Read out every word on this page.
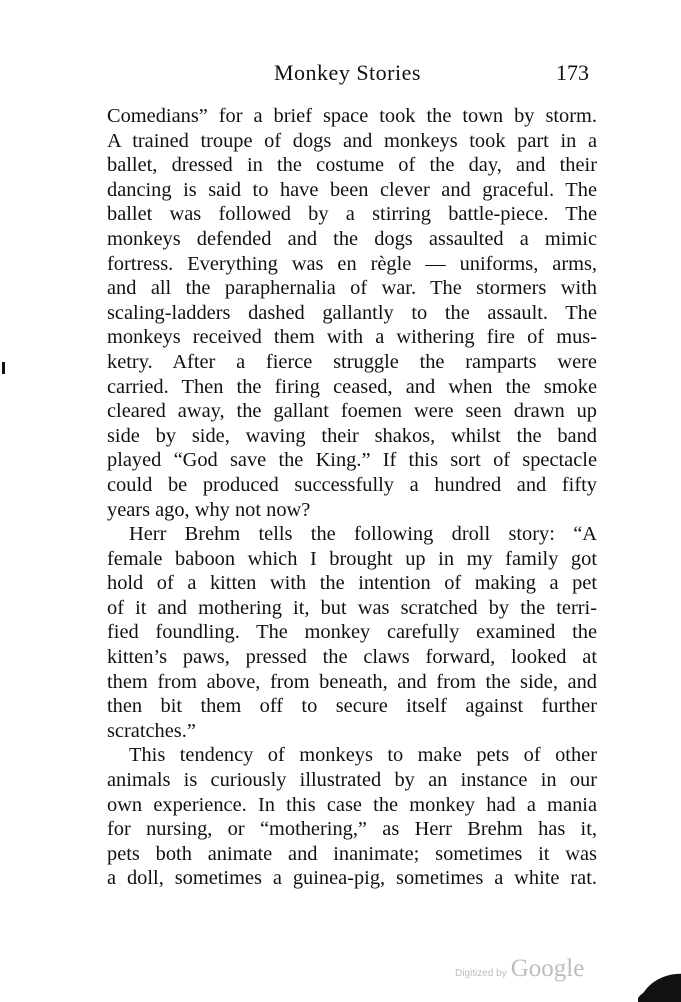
Monkey Stories	173
Comedians” for a brief space took the town by storm.
A trained troupe of dogs and monkeys took part in a
ballet, dressed in the costume of the day, and their
dancing is said to have been clever and graceful. The
ballet was followed by a stirring battle-piece. The
monkeys defended and the dogs assaulted a mimic
fortress. Everything was en règle — uniforms, arms,
and all the paraphernalia of war. The stormers with
scaling-ladders dashed gallantly to the assault. The
monkeys received them with a withering fire of mus-
ketry. After a fierce struggle the ramparts were
carried. Then the firing ceased, and when the smoke
cleared away, the gallant foemen were seen drawn up
side by side, waving their shakos, whilst the band
played “God save the King.” If this sort of spectacle
could be produced successfully a hundred and fifty
years ago, why not now?
Herr Brehm tells the following droll story: “A
female baboon which I brought up in my family got
hold of a kitten with the intention of making a pet
of it and mothering it, but was scratched by the terri-
fied foundling. The monkey carefully examined the
kitten’s paws, pressed the claws forward, looked at
them from above, from beneath, and from the side, and
then bit them off to secure itself against further
scratches.”
This tendency of monkeys to make pets of other
animals is curiously illustrated by an instance in our
own experience. In this case the monkey had a mania
for nursing, or “mothering,” as Herr Brehm has it,
pets both animate and inanimate; sometimes it was
a doll, sometimes a guinea-pig, sometimes a white rat.
Digitized by Google
